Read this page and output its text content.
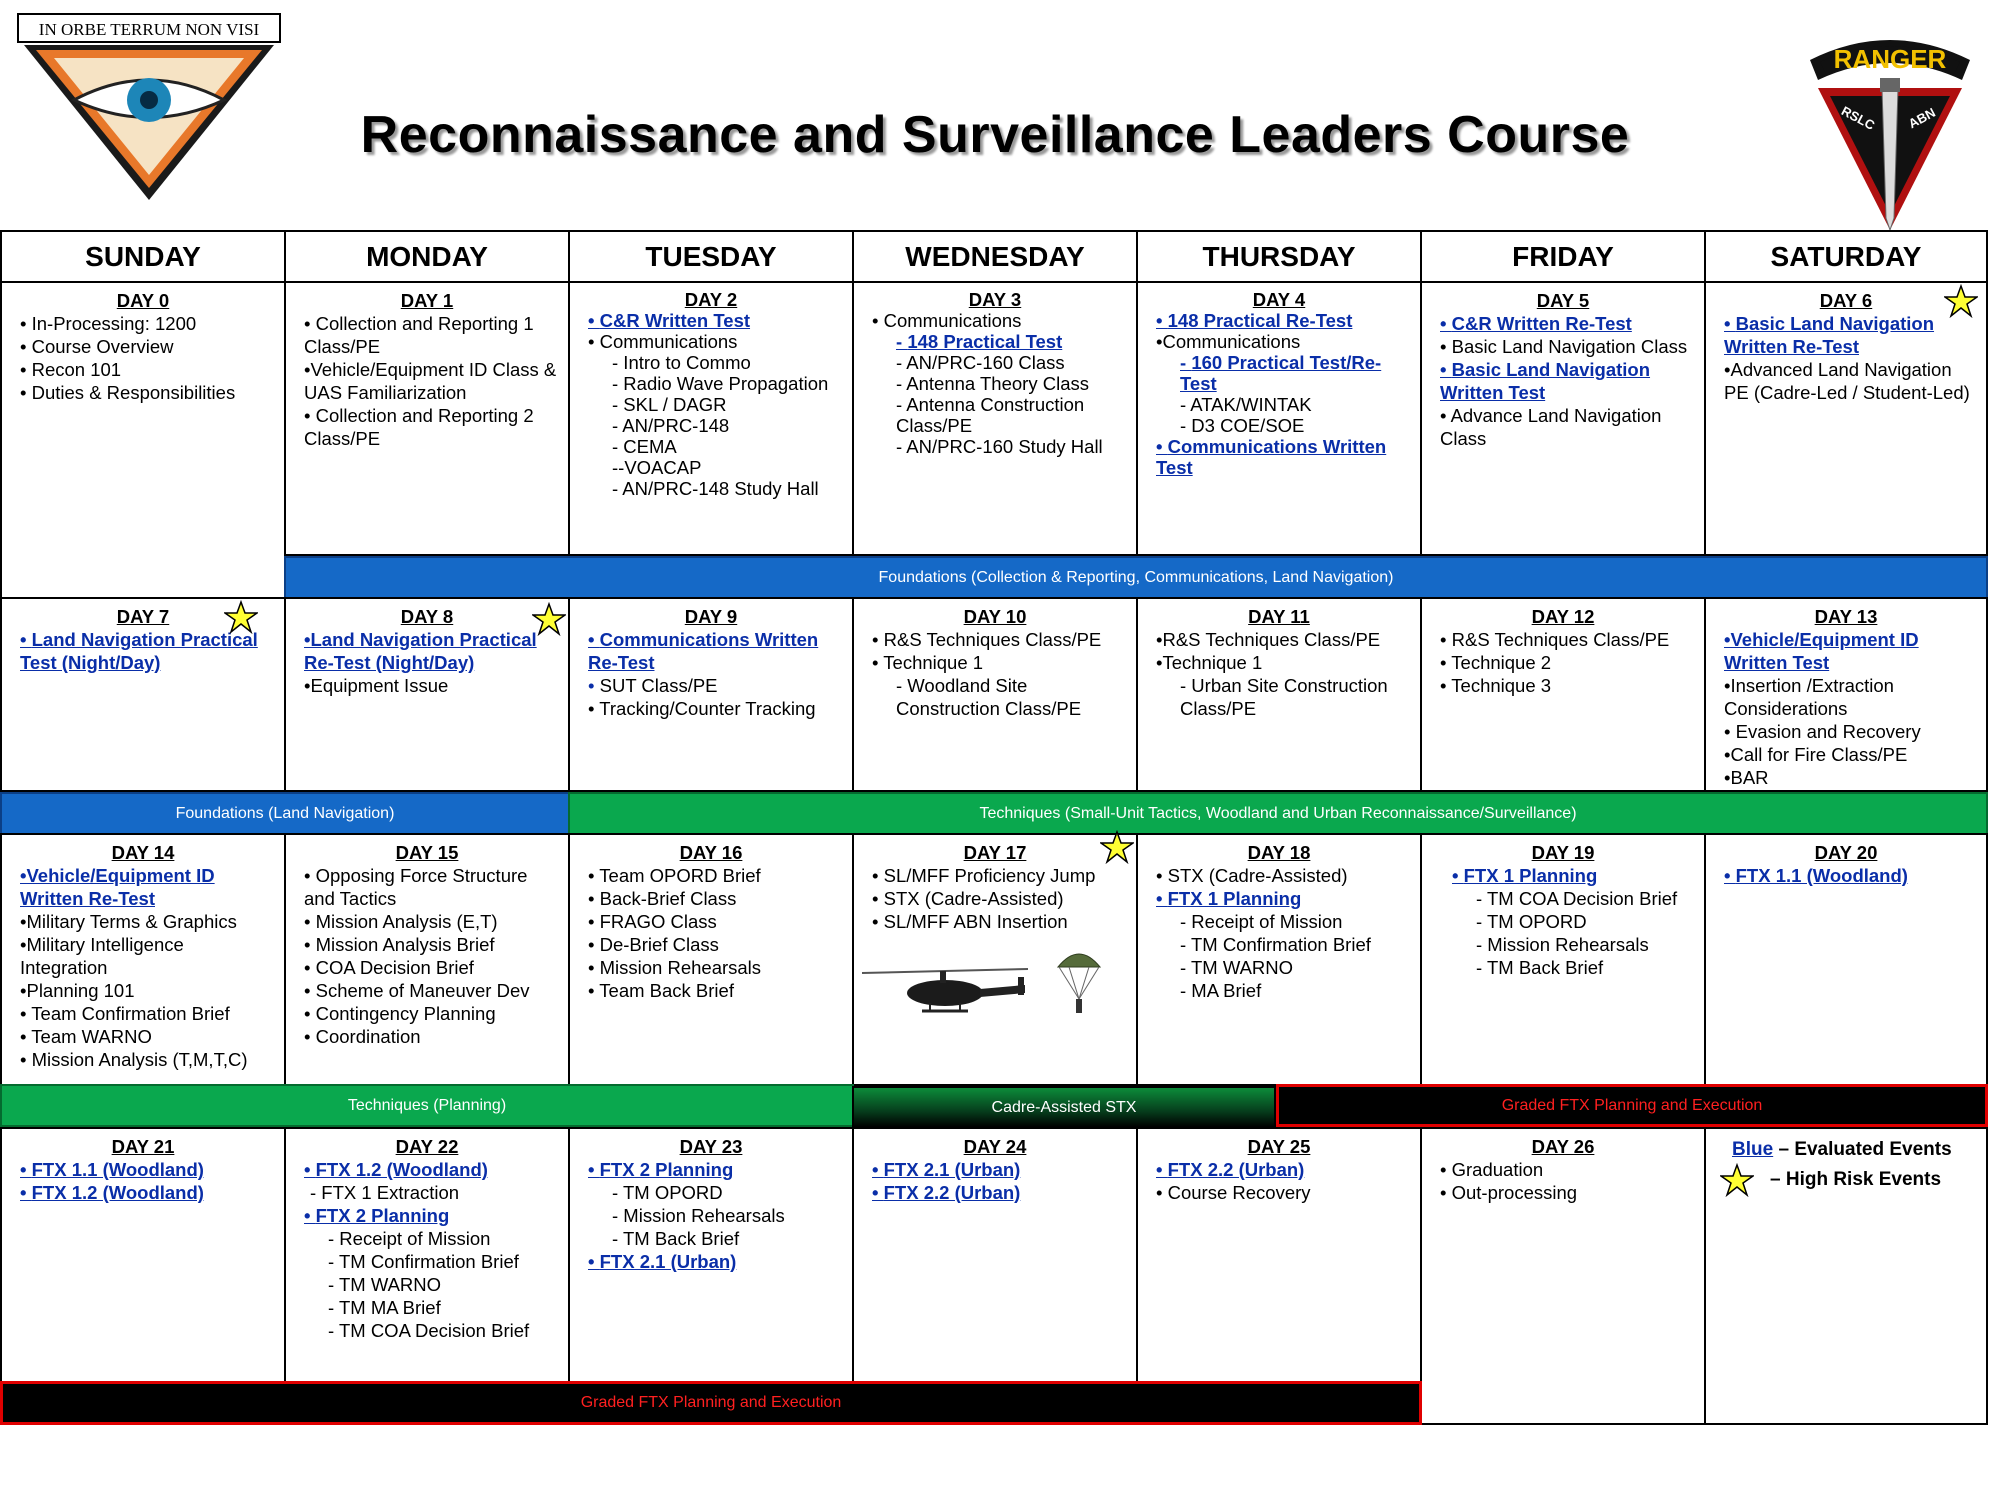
Reconnaissance and Surveillance Leaders Course
IN ORBE TERRUM NON VISI
RANGER
RSLC ABN
SUNDAY	MONDAY	TUESDAY	WEDNESDAY	THURSDAY	FRIDAY	SATURDAY
DAY 0
• In-Processing: 1200
• Course Overview
• Recon 101
• Duties & Responsibilities
DAY 1
• Collection and Reporting 1 Class/PE
•Vehicle/Equipment ID Class & UAS Familiarization
• Collection and Reporting 2 Class/PE
DAY 2
• C&R Written Test
• Communications
- Intro to Commo
- Radio Wave Propagation
- SKL / DAGR
- AN/PRC-148
- CEMA
--VOACAP
- AN/PRC-148 Study Hall
DAY 3
• Communications
- 148 Practical Test
- AN/PRC-160 Class
- Antenna Theory Class
- Antenna Construction Class/PE
- AN/PRC-160 Study Hall
DAY 4
• 148 Practical Re-Test
•Communications
- 160 Practical Test/Re-Test
- ATAK/WINTAK
- D3 COE/SOE
• Communications Written Test
DAY 5
• C&R Written Re-Test
• Basic Land Navigation Class
• Basic Land Navigation Written Test
• Advance Land Navigation Class
DAY 6
• Basic Land Navigation Written Re-Test
•Advanced Land Navigation PE (Cadre-Led / Student-Led)
Foundations (Collection & Reporting, Communications, Land Navigation)
DAY 7
• Land Navigation Practical Test (Night/Day)
DAY 8
•Land Navigation Practical Re-Test (Night/Day)
•Equipment Issue
DAY 9
• Communications Written Re-Test
• SUT Class/PE
• Tracking/Counter Tracking
DAY 10
• R&S Techniques Class/PE
• Technique 1
- Woodland Site Construction Class/PE
DAY 11
•R&S Techniques Class/PE
•Technique 1
- Urban Site Construction Class/PE
DAY 12
• R&S Techniques Class/PE
• Technique 2
• Technique 3
DAY 13
•Vehicle/Equipment ID Written Test
•Insertion /Extraction Considerations
• Evasion and Recovery
•Call for Fire Class/PE
•BAR
Foundations (Land Navigation)	Techniques (Small-Unit Tactics, Woodland and Urban Reconnaissance/Surveillance)
DAY 14
•Vehicle/Equipment ID Written Re-Test
•Military Terms & Graphics
•Military Intelligence Integration
•Planning 101
• Team Confirmation Brief
• Team WARNO
• Mission Analysis (T,M,T,C)
DAY 15
• Opposing Force Structure and Tactics
• Mission Analysis (E,T)
• Mission Analysis Brief
• COA Decision Brief
• Scheme of Maneuver Dev
• Contingency Planning
• Coordination
DAY 16
• Team OPORD Brief
• Back-Brief Class
• FRAGO Class
• De-Brief Class
• Mission Rehearsals
• Team Back Brief
DAY 17
• SL/MFF Proficiency Jump
• STX (Cadre-Assisted)
• SL/MFF ABN Insertion
DAY 18
• STX (Cadre-Assisted)
• FTX 1 Planning
- Receipt of Mission
- TM Confirmation Brief
- TM WARNO
- MA Brief
DAY 19
• FTX 1 Planning
- TM COA Decision Brief
- TM OPORD
- Mission Rehearsals
- TM Back Brief
DAY 20
• FTX 1.1 (Woodland)
Techniques (Planning)	Cadre-Assisted STX	Graded FTX Planning and Execution
DAY 21
• FTX 1.1 (Woodland)
• FTX 1.2 (Woodland)
DAY 22
• FTX 1.2 (Woodland)
- FTX 1 Extraction
• FTX 2 Planning
- Receipt of Mission
- TM Confirmation Brief
- TM WARNO
- TM MA Brief
- TM COA Decision Brief
DAY 23
• FTX 2 Planning
- TM OPORD
- Mission Rehearsals
- TM Back Brief
• FTX 2.1 (Urban)
DAY 24
• FTX 2.1 (Urban)
• FTX 2.2 (Urban)
DAY 25
• FTX 2.2 (Urban)
• Course Recovery
DAY 26
• Graduation
• Out-processing
Blue – Evaluated Events
– High Risk Events
Graded FTX Planning and Execution
